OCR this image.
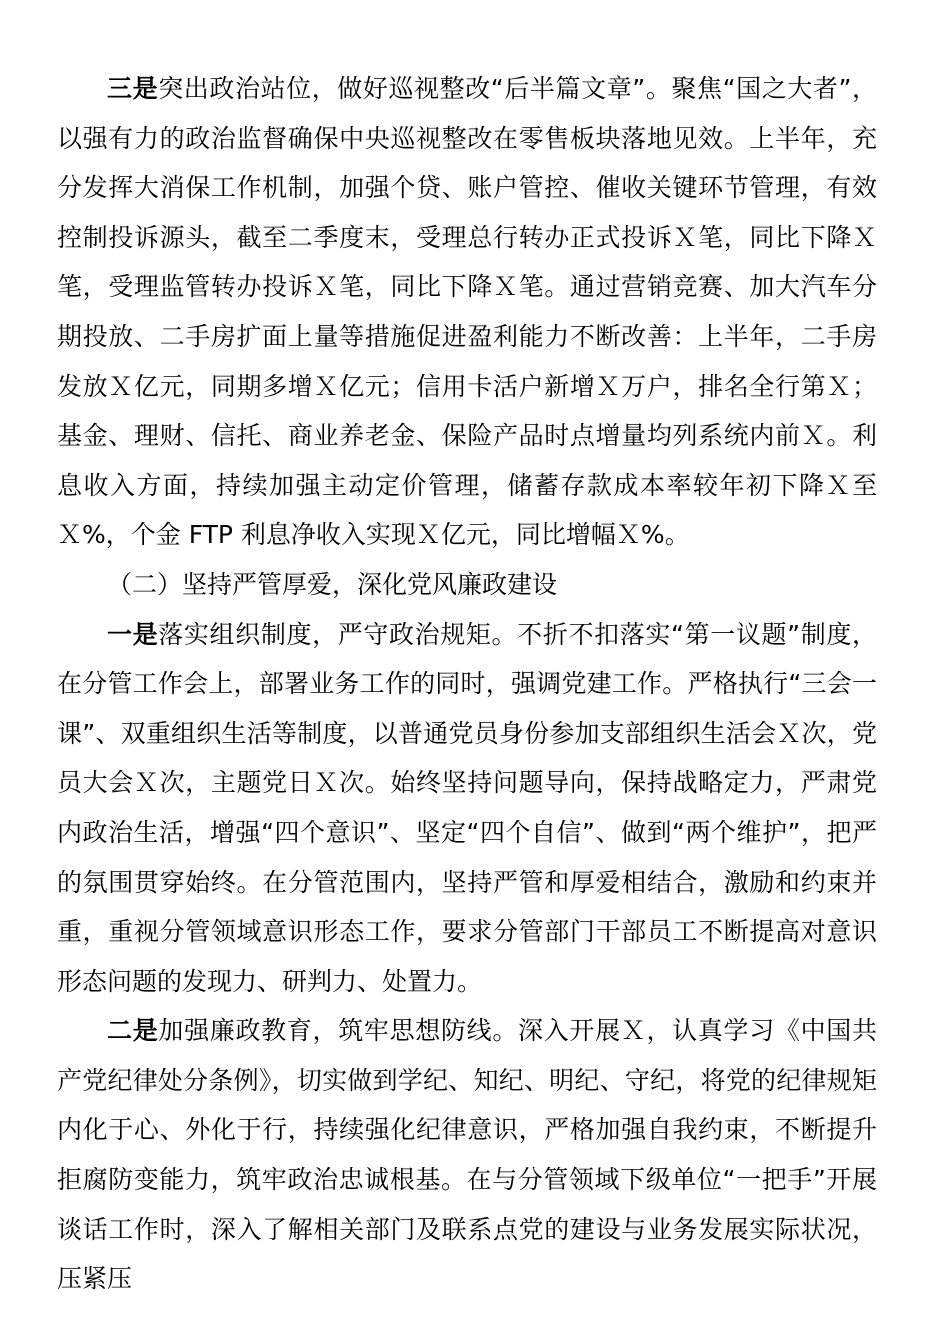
三是突出政治站位，做好巡视整改“后半篇文章”。聚焦“国之大者”，以强有力的政治监督确保中央巡视整改在零售板块落地见效。上半年，充分发挥大消保工作机制，加强个贷、账户管控、催收关键环节管理，有效控制投诉源头，截至二季度末，受理总行转办正式投诉Ｘ笔，同比下降Ｘ笔，受理监管转办投诉Ｘ笔，同比下降Ｘ笔。通过营销竞赛、加大汽车分期投放、二手房扩面上量等措施促进盈利能力不断改善：上半年，二手房发放Ｘ亿元，同期多增Ｘ亿元；信用卡活户新增Ｘ万户，排名全行第Ｘ；基金、理财、信托、商业养老金、保险产品时点增量均列系统内前Ｘ。利息收入方面，持续加强主动定价管理，储蓄存款成本率较年初下降Ｘ至Ｘ%，个金 FTP 利息净收入实现Ｘ亿元，同比增幅Ｘ%。

（二）坚持严管厚爱，深化党风廉政建设

一是落实组织制度，严守政治规矩。不折不扣落实“第一议题”制度，在分管工作会上，部署业务工作的同时，强调党建工作。严格执行“三会一课”、双重组织生活等制度，以普通党员身份参加支部组织生活会Ｘ次，党员大会Ｘ次，主题党日Ｘ次。始终坚持问题导向，保持战略定力，严肃党内政治生活，增强“四个意识”、坚定“四个自信”、做到“两个维护”，把严的氛围贯穿始终。在分管范围内，坚持严管和厚爱相结合，激励和约束并重，重视分管领域意识形态工作，要求分管部门干部员工不断提高对意识形态问题的发现力、研判力、处置力。

二是加强廉政教育，筑牢思想防线。深入开展Ｘ，认真学习《中国共产党纪律处分条例》，切实做到学纪、知纪、明纪、守纪，将党的纪律规矩内化于心、外化于行，持续强化纪律意识，严格加强自我约束，不断提升拒腐防变能力，筑牢政治忠诚根基。在与分管领域下级单位“一把手”开展谈话工作时，深入了解相关部门及联系点党的建设与业务发展实际状况，压紧压
